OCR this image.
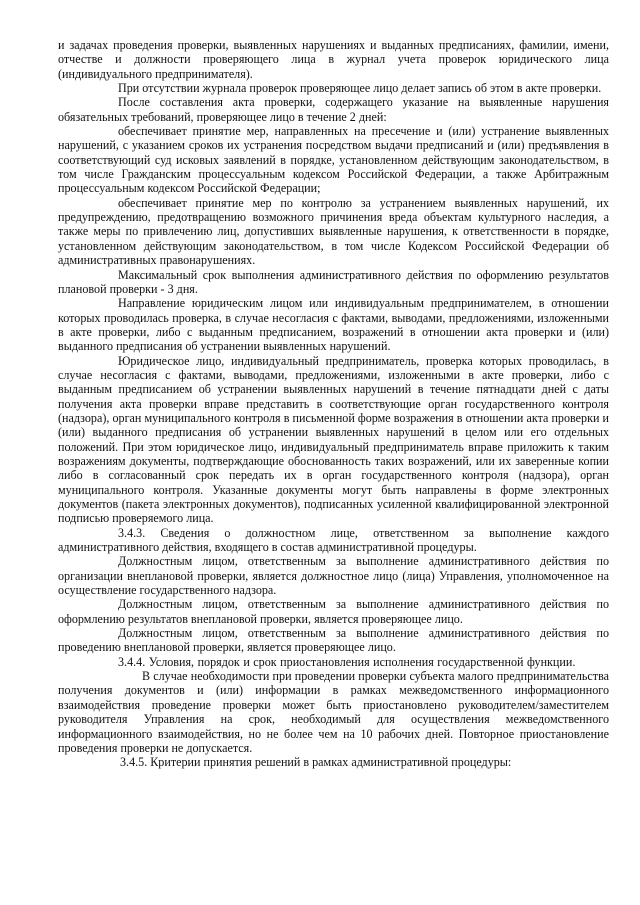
и задачах проведения проверки, выявленных нарушениях и выданных предписаниях, фамилии, имени, отчестве и должности проверяющего лица в журнал учета проверок юридического лица (индивидуального предпринимателя).

При отсутствии журнала проверок проверяющее лицо делает запись об этом в акте проверки.

После составления акта проверки, содержащего указание на выявленные нарушения обязательных требований, проверяющее лицо в течение 2 дней:

обеспечивает принятие мер, направленных на пресечение и (или) устранение выявленных нарушений, с указанием сроков их устранения посредством выдачи предписаний и (или) предъявления в соответствующий суд исковых заявлений в порядке, установленном действующим законодательством, в том числе Гражданским процессуальным кодексом Российской Федерации, а также Арбитражным процессуальным кодексом Российской Федерации;

обеспечивает принятие мер по контролю за устранением выявленных нарушений, их предупреждению, предотвращению возможного причинения вреда объектам культурного наследия, а также меры по привлечению лиц, допустивших выявленные нарушения, к ответственности в порядке, установленном действующим законодательством, в том числе Кодексом Российской Федерации об административных правонарушениях.

Максимальный срок выполнения административного действия по оформлению результатов плановой проверки - 3 дня.

Направление юридическим лицом или индивидуальным предпринимателем, в отношении которых проводилась проверка, в случае несогласия с фактами, выводами, предложениями, изложенными в акте проверки, либо с выданным предписанием, возражений в отношении акта проверки и (или) выданного предписания об устранении выявленных нарушений.

Юридическое лицо, индивидуальный предприниматель, проверка которых проводилась, в случае несогласия с фактами, выводами, предложениями, изложенными в акте проверки, либо с выданным предписанием об устранении выявленных нарушений в течение пятнадцати дней с даты получения акта проверки вправе представить в соответствующие орган государственного контроля (надзора), орган муниципального контроля в письменной форме возражения в отношении акта проверки и (или) выданного предписания об устранении выявленных нарушений в целом или его отдельных положений. При этом юридическое лицо, индивидуальный предприниматель вправе приложить к таким возражениям документы, подтверждающие обоснованность таких возражений, или их заверенные копии либо в согласованный срок передать их в орган государственного контроля (надзора), орган муниципального контроля. Указанные документы могут быть направлены в форме электронных документов (пакета электронных документов), подписанных усиленной квалифицированной электронной подписью проверяемого лица.

3.4.3. Сведения о должностном лице, ответственном за выполнение каждого административного действия, входящего в состав административной процедуры.

Должностным лицом, ответственным за выполнение административного действия по организации внеплановой проверки, является должностное лицо (лица) Управления, уполномоченное на осуществление государственного надзора.

Должностным лицом, ответственным за выполнение административного действия по оформлению результатов внеплановой проверки, является проверяющее лицо.

Должностным лицом, ответственным за выполнение административного действия по проведению внеплановой проверки, является проверяющее лицо.

3.4.4. Условия, порядок и срок приостановления исполнения государственной функции.

В случае необходимости при проведении проверки субъекта малого предпринимательства получения документов и (или) информации в рамках межведомственного информационного взаимодействия проведение проверки может быть приостановлено руководителем/заместителем руководителя Управления на срок, необходимый для осуществления межведомственного информационного взаимодействия, но не более чем на 10 рабочих дней. Повторное приостановление проведения проверки не допускается.

3.4.5. Критерии принятия решений в рамках административной процедуры:
